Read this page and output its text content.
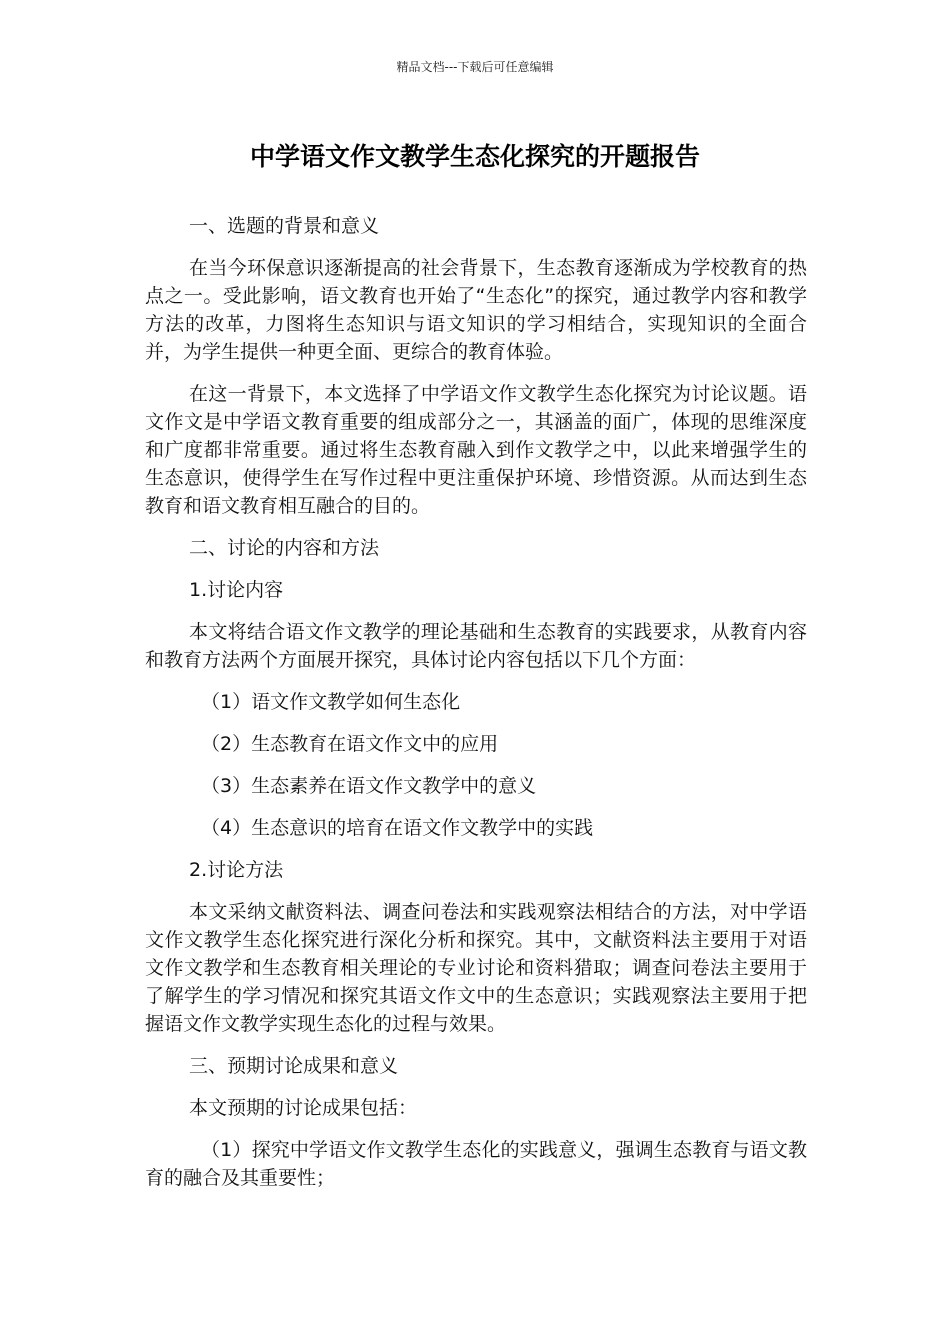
精品文档---下载后可任意编辑
中学语文作文教学生态化探究的开题报告

一、选题的背景和意义

在当今环保意识逐渐提高的社会背景下，生态教育逐渐成为学校教育的热点之一。受此影响，语文教育也开始了“生态化”的探究，通过教学内容和教学方法的改革，力图将生态知识与语文知识的学习相结合，实现知识的全面合并，为学生提供一种更全面、更综合的教育体验。

在这一背景下，本文选择了中学语文作文教学生态化探究为讨论议题。语文作文是中学语文教育重要的组成部分之一，其涵盖的面广，体现的思维深度和广度都非常重要。通过将生态教育融入到作文教学之中，以此来增强学生的生态意识，使得学生在写作过程中更注重保护环境、珍惜资源。从而达到生态教育和语文教育相互融合的目的。

二、讨论的内容和方法

1.讨论内容

本文将结合语文作文教学的理论基础和生态教育的实践要求，从教育内容和教育方法两个方面展开探究，具体讨论内容包括以下几个方面：

（1）语文作文教学如何生态化

（2）生态教育在语文作文中的应用

（3）生态素养在语文作文教学中的意义

（4）生态意识的培育在语文作文教学中的实践

2.讨论方法

本文采纳文献资料法、调查问卷法和实践观察法相结合的方法，对中学语文作文教学生态化探究进行深化分析和探究。其中，文献资料法主要用于对语文作文教学和生态教育相关理论的专业讨论和资料猎取；调查问卷法主要用于了解学生的学习情况和探究其语文作文中的生态意识；实践观察法主要用于把握语文作文教学实现生态化的过程与效果。

三、预期讨论成果和意义

本文预期的讨论成果包括：

（1）探究中学语文作文教学生态化的实践意义，强调生态教育与语文教育的融合及其重要性；
